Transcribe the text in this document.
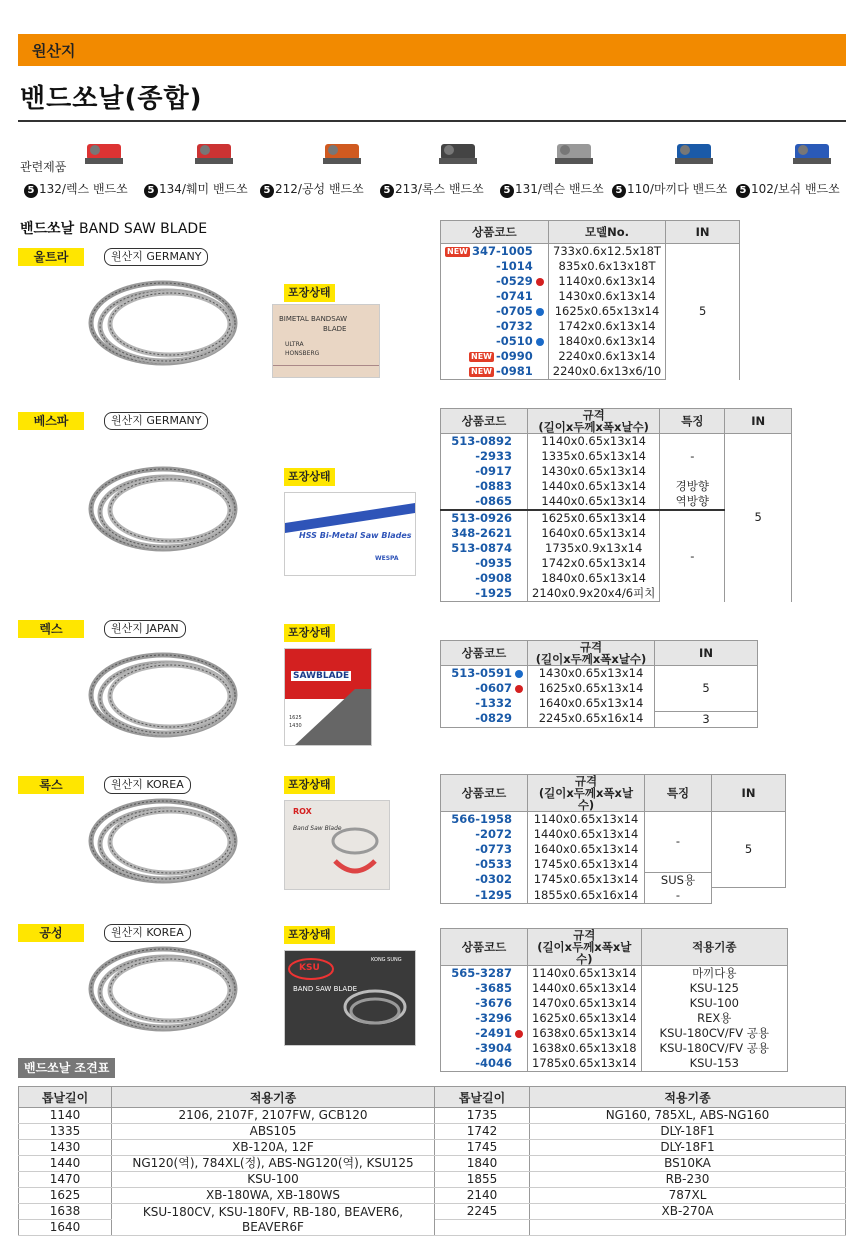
원산지
밴드쏘날(종합)
관련제품
5 132/렉스 밴드쏘	5 134/훼미 밴드쏘	5 212/공성 밴드쏘	5 213/록스 밴드쏘	5 131/렉슨 밴드쏘	5 110/마끼다 밴드쏘	5 102/보쉬 밴드쏘
밴드쏘날 BAND SAW BLADE
울트라	원산지 GERMANY
포장상태
BIMETAL BANDSAW
BLADE
ULTRA
HONSBERG
상품코드	모델No.	IN
NEW 347-1005	733x0.6x12.5x18T	5
-1014	835x0.6x13x18T	
-0529	1140x0.6x13x14	
-0741	1430x0.6x13x14	
-0705	1625x0.65x13x14	
-0732	1742x0.6x13x14	
-0510	1840x0.6x13x14	
NEW -0990	2240x0.6x13x14	
NEW -0981	2240x0.6x13x6/10	
베스파	원산지 GERMANY
포장상태
WESPA
HSS Bi-Metal Saw Blades
WESPA
상품코드	규격
(길이x두께x폭x날수)	특징	IN
513-0892	1140x0.65x13x14	-	5
-2933	1335x0.65x13x14		
-0917	1430x0.65x13x14		
-0883	1440x0.65x13x14	경방향	
-0865	1440x0.65x13x14	역방향	
513-0926	1625x0.65x13x14	-	
348-2621	1640x0.65x13x14		
513-0874	1735x0.9x13x14		
-0935	1742x0.65x13x14		
-0908	1840x0.65x13x14		
-1925	2140x0.9x20x4/6피치		
렉스	원산지 JAPAN	포장상태
SAWBLADE
1625
1430
상품코드	규격
(길이x두께x폭x날수)	IN
513-0591	1430x0.65x13x14	5
-0607	1625x0.65x13x14	
-1332	1640x0.65x13x14	
-0829	2245x0.65x16x14	3
록스	원산지 KOREA	포장상태
ROX
Band Saw Blade
상품코드	규격
(길이x두께x폭x날수)	특징	IN
566-1958	1140x0.65x13x14	-	5
-2072	1440x0.65x13x14		
-0773	1640x0.65x13x14		
-0533	1745x0.65x13x14		
-0302	1745x0.65x13x14	SUS용	
-1295	1855x0.65x16x14	-	
공성	원산지 KOREA	포장상태
KSU
BAND SAW BLADE
KONG SUNG
상품코드	규격
(길이x두께x폭x날수)	적용기종
565-3287	1140x0.65x13x14	마끼다용
-3685	1440x0.65x13x14	KSU-125
-3676	1470x0.65x13x14	KSU-100
-3296	1625x0.65x13x14	REX용
-2491	1638x0.65x13x14	KSU-180CV/FV 공용
-3904	1638x0.65x13x18	KSU-180CV/FV 공용
-4046	1785x0.65x13x14	KSU-153
밴드쏘날 조견표
톱날길이	적용기종	톱날길이	적용기종
1140	2106, 2107F, 2107FW, GCB120	1735	NG160, 785XL, ABS-NG160
1335	ABS105	1742	DLY-18F1
1430	XB-120A, 12F	1745	DLY-18F1
1440	NG120(역), 784XL(정), ABS-NG120(역), KSU125	1840	BS10KA
1470	KSU-100	1855	RB-230
1625	XB-180WA, XB-180WS	2140	787XL
1638	KSU-180CV, KSU-180FV, RB-180, BEAVER6, BEAVER6F	2245	XB-270A
1640			
